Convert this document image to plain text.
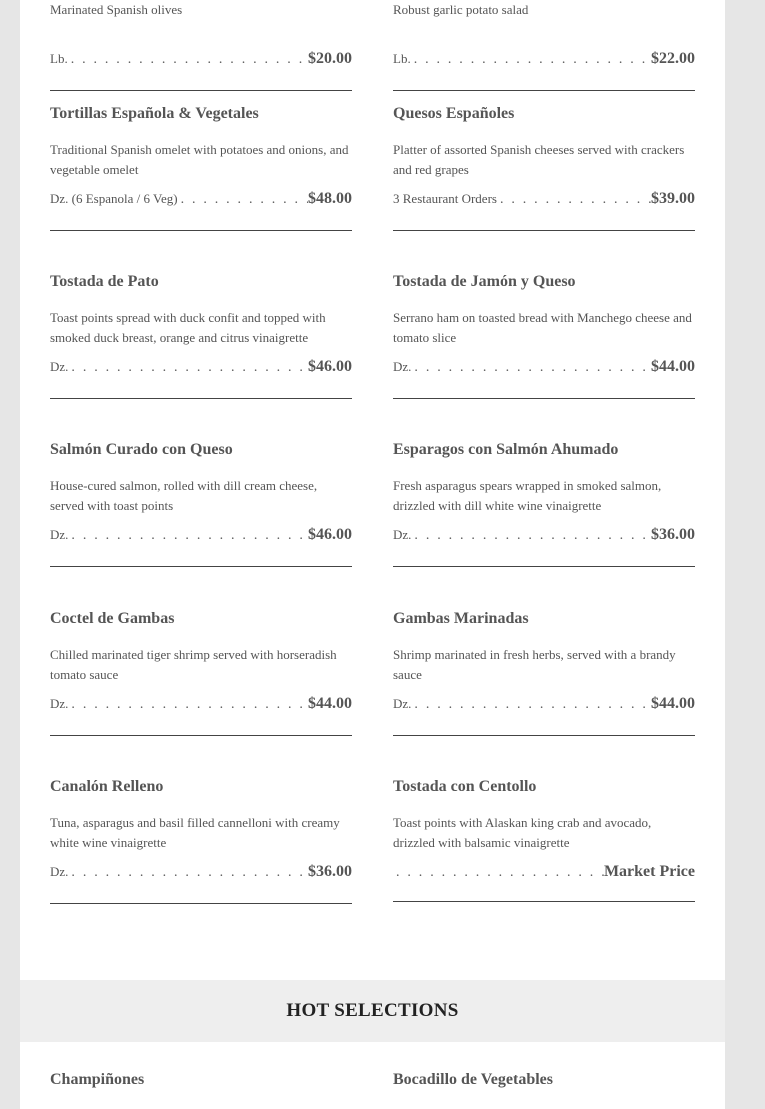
Marinated Spanish olives
Lb. . . .	$20.00
Robust garlic potato salad
Lb. . . .	$22.00
Tortillas Española & Vegetales
Traditional Spanish omelet with potatoes and onions, and vegetable omelet
Dz. (6 Espanola / 6 Veg) . . .	$48.00
Quesos Españoles
Platter of assorted Spanish cheeses served with crackers and red grapes
3 Restaurant Orders . . .	$39.00
Tostada de Pato
Toast points spread with duck confit and topped with smoked duck breast, orange and citrus vinaigrette
Dz. . . .	$46.00
Tostada de Jamón y Queso
Serrano ham on toasted bread with Manchego cheese and tomato slice
Dz. . . .	$44.00
Salmón Curado con Queso
House-cured salmon, rolled with dill cream cheese, served with toast points
Dz. . . .	$46.00
Esparagos con Salmón Ahumado
Fresh asparagus spears wrapped in smoked salmon, drizzled with dill white wine vinaigrette
Dz. . . .	$36.00
Coctel de Gambas
Chilled marinated tiger shrimp served with horseradish tomato sauce
Dz. . . .	$44.00
Gambas Marinadas
Shrimp marinated in fresh herbs, served with a brandy sauce
Dz. . . .	$44.00
Canalón Relleno
Tuna, asparagus and basil filled cannelloni with creamy white wine vinaigrette
Dz. . . .	$36.00
Tostada con Centollo
Toast points with Alaskan king crab and avocado, drizzled with balsamic vinaigrette
. . .
Market Price
HOT SELECTIONS
Champiñones	Bocadillo de Vegetables
